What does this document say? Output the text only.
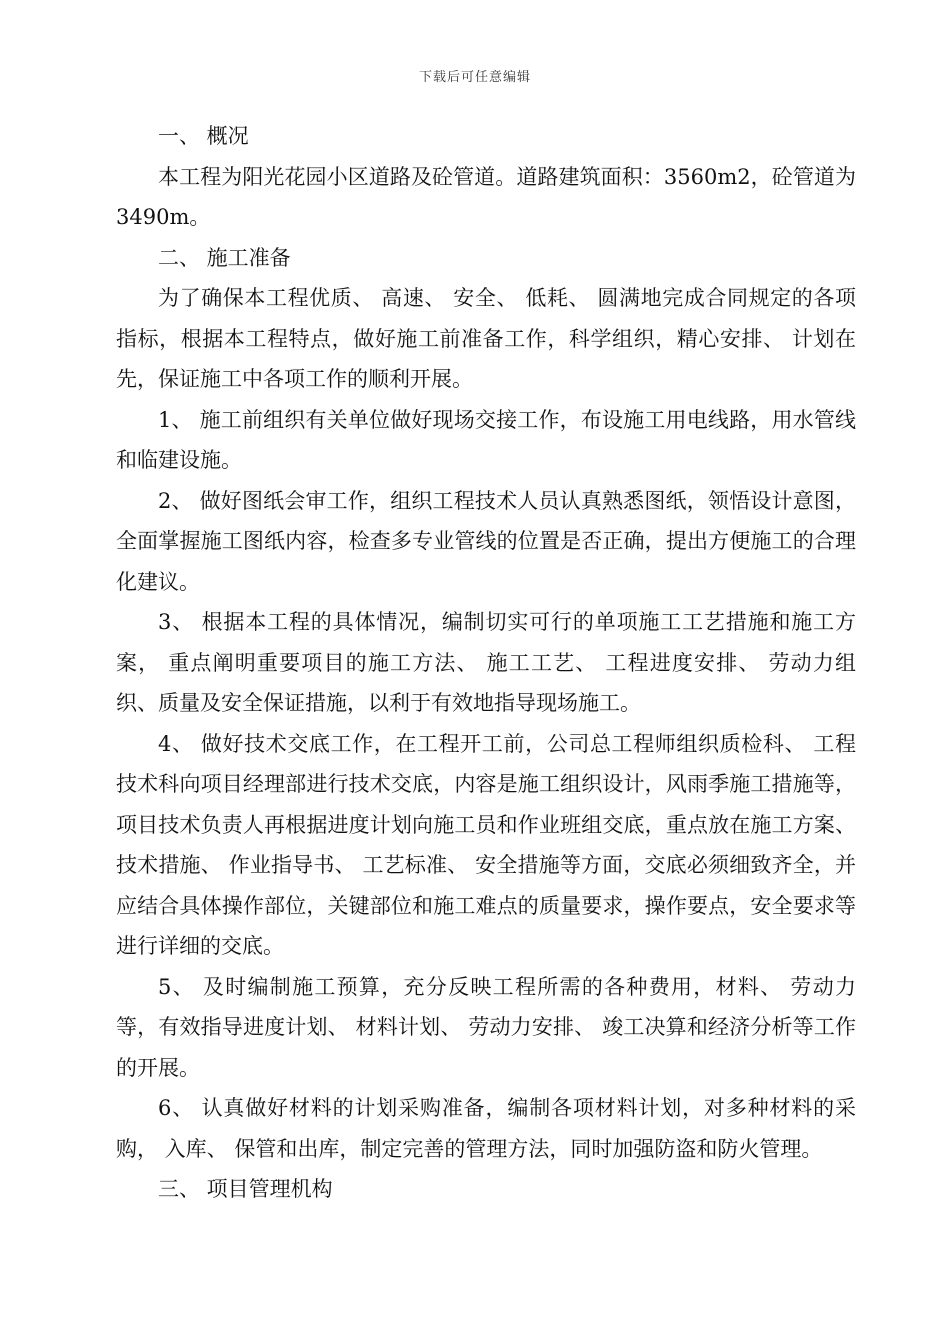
下载后可任意编辑

一、 概况

本工程为阳光花园小区道路及砼管道。道路建筑面积：3560m2，砼管道为3490m。

二、 施工准备

为了确保本工程优质、 高速、 安全、 低耗、 圆满地完成合同规定的各项指标，根据本工程特点，做好施工前准备工作，科学组织，精心安排、 计划在先，保证施工中各项工作的顺利开展。

1、 施工前组织有关单位做好现场交接工作，布设施工用电线路，用水管线和临建设施。

2、 做好图纸会审工作，组织工程技术人员认真熟悉图纸，领悟设计意图，全面掌握施工图纸内容，检查多专业管线的位置是否正确，提出方便施工的合理化建议。

3、 根据本工程的具体情况，编制切实可行的单项施工工艺措施和施工方案， 重点阐明重要项目的施工方法、 施工工艺、 工程进度安排、 劳动力组织、质量及安全保证措施，以利于有效地指导现场施工。

4、 做好技术交底工作，在工程开工前，公司总工程师组织质检科、 工程技术科向项目经理部进行技术交底，内容是施工组织设计，风雨季施工措施等，项目技术负责人再根据进度计划向施工员和作业班组交底，重点放在施工方案、技术措施、 作业指导书、 工艺标准、 安全措施等方面，交底必须细致齐全，并应结合具体操作部位，关键部位和施工难点的质量要求，操作要点，安全要求等进行详细的交底。

5、 及时编制施工预算，充分反映工程所需的各种费用，材料、 劳动力等，有效指导进度计划、 材料计划、 劳动力安排、 竣工决算和经济分析等工作的开展。

6、 认真做好材料的计划采购准备，编制各项材料计划，对多种材料的采购， 入库、 保管和出库，制定完善的管理方法，同时加强防盗和防火管理。

三、 项目管理机构
